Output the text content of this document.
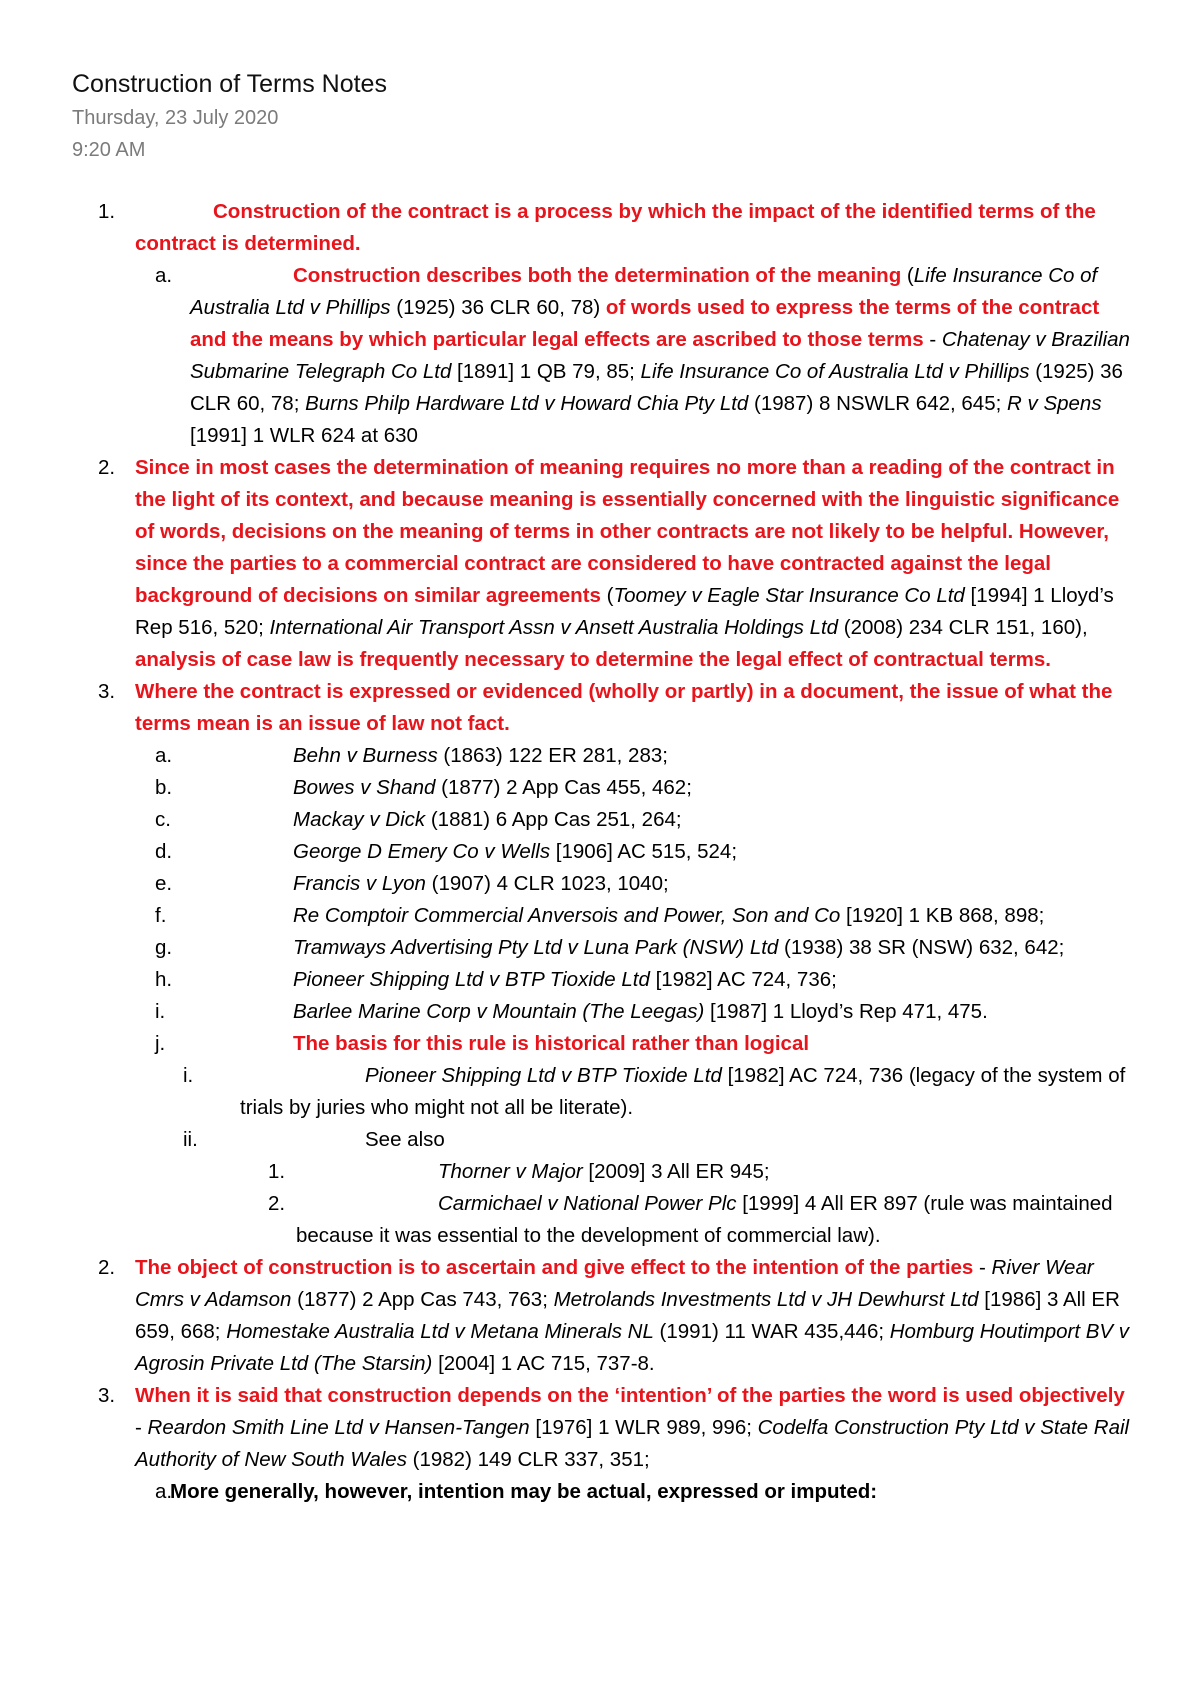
Construction of Terms Notes
Thursday, 23 July 2020
9:20 AM
1.	Construction of the contract is a process by which the impact of the identified terms of the contract is determined.
a.	Construction describes both the determination of the meaning (Life Insurance Co of Australia Ltd v Phillips (1925) 36 CLR 60, 78) of words used to express the terms of the contract and the means by which particular legal effects are ascribed to those terms - Chatenay v Brazilian Submarine Telegraph Co Ltd [1891] 1 QB 79, 85; Life Insurance Co of Australia Ltd v Phillips (1925) 36 CLR 60, 78; Burns Philp Hardware Ltd v Howard Chia Pty Ltd (1987) 8 NSWLR 642, 645; R v Spens [1991] 1 WLR 624 at 630
2. Since in most cases the determination of meaning requires no more than a reading of the contract in the light of its context, and because meaning is essentially concerned with the linguistic significance of words, decisions on the meaning of terms in other contracts are not likely to be helpful. However, since the parties to a commercial contract are considered to have contracted against the legal background of decisions on similar agreements (Toomey v Eagle Star Insurance Co Ltd [1994] 1 Lloyd’s Rep 516, 520; International Air Transport Assn v Ansett Australia Holdings Ltd (2008) 234 CLR 151, 160), analysis of case law is frequently necessary to determine the legal effect of contractual terms.
3. Where the contract is expressed or evidenced (wholly or partly) in a document, the issue of what the terms mean is an issue of law not fact.
a.	Behn v Burness (1863) 122 ER 281, 283;
b.	Bowes v Shand (1877) 2 App Cas 455, 462;
c.	Mackay v Dick (1881) 6 App Cas 251, 264;
d.	George D Emery Co v Wells [1906] AC 515, 524;
e.	Francis v Lyon (1907) 4 CLR 1023, 1040;
f.	Re Comptoir Commercial Anversois and Power, Son and Co [1920] 1 KB 868, 898;
g.	Tramways Advertising Pty Ltd v Luna Park (NSW) Ltd (1938) 38 SR (NSW) 632, 642;
h.	Pioneer Shipping Ltd v BTP Tioxide Ltd [1982] AC 724, 736;
i.	Barlee Marine Corp v Mountain (The Leegas) [1987] 1 Lloyd’s Rep 471, 475.
j.	The basis for this rule is historical rather than logical
i.	Pioneer Shipping Ltd v BTP Tioxide Ltd [1982] AC 724, 736 (legacy of the system of trials by juries who might not all be literate).
ii.	See also
1.	Thorner v Major [2009] 3 All ER 945;
2.	Carmichael v National Power Plc [1999] 4 All ER 897 (rule was maintained because it was essential to the development of commercial law).
2. The object of construction is to ascertain and give effect to the intention of the parties - River Wear Cmrs v Adamson (1877) 2 App Cas 743, 763; Metrolands Investments Ltd v JH Dewhurst Ltd [1986] 3 All ER 659, 668; Homestake Australia Ltd v Metana Minerals NL (1991) 11 WAR 435,446; Homburg Houtimport BV v Agrosin Private Ltd (The Starsin) [2004] 1 AC 715, 737-8.
3. When it is said that construction depends on the ‘intention’ of the parties the word is used objectively - Reardon Smith Line Ltd v Hansen-Tangen [1976] 1 WLR 989, 996; Codelfa Construction Pty Ltd v State Rail Authority of New South Wales (1982) 149 CLR 337, 351;
a.
More generally, however, intention may be actual, expressed or imputed:
